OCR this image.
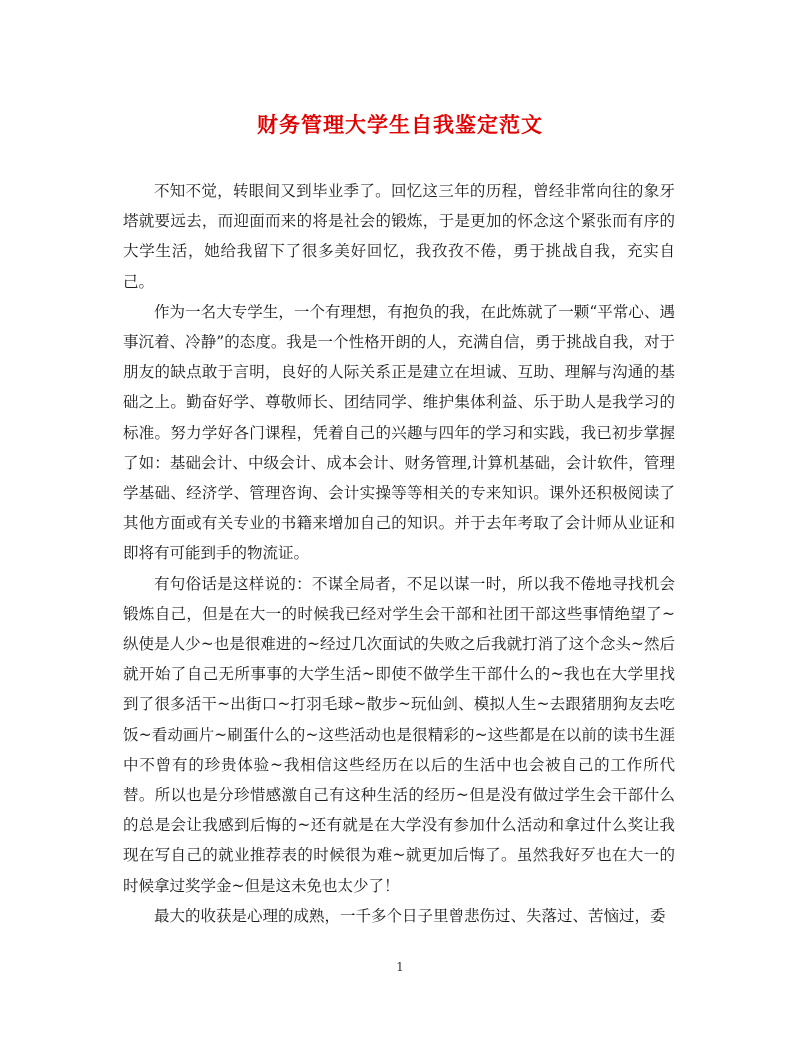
财务管理大学生自我鉴定范文

不知不觉，转眼间又到毕业季了。回忆这三年的历程，曾经非常向往的象牙塔就要远去，而迎面而来的将是社会的锻炼，于是更加的怀念这个紧张而有序的大学生活，她给我留下了很多美好回忆，我孜孜不倦，勇于挑战自我，充实自己。

作为一名大专学生，一个有理想，有抱负的我，在此炼就了一颗“平常心、遇事沉着、冷静”的态度。我是一个性格开朗的人，充满自信，勇于挑战自我，对于朋友的缺点敢于言明，良好的人际关系正是建立在坦诚、互助、理解与沟通的基础之上。勤奋好学、尊敬师长、团结同学、维护集体利益、乐于助人是我学习的标准。努力学好各门课程，凭着自己的兴趣与四年的学习和实践，我已初步掌握了如：基础会计、中级会计、成本会计、财务管理,计算机基础，会计软件，管理学基础、经济学、管理咨询、会计实操等等相关的专来知识。课外还积极阅读了其他方面或有关专业的书籍来增加自己的知识。并于去年考取了会计师从业证和即将有可能到手的物流证。

有句俗话是这样说的：不谋全局者，不足以谋一时，所以我不倦地寻找机会锻炼自己，但是在大一的时候我已经对学生会干部和社团干部这些事情绝望了~纵使是人少~也是很难进的~经过几次面试的失败之后我就打消了这个念头~然后就开始了自己无所事事的大学生活~即使不做学生干部什么的~我也在大学里找到了很多活干~出街口~打羽毛球~散步~玩仙剑、模拟人生~去跟猪朋狗友去吃饭~看动画片~刷蛋什么的~这些活动也是很精彩的~这些都是在以前的读书生涯中不曾有的珍贵体验~我相信这些经历在以后的生活中也会被自己的工作所代替。所以也是分珍惜感激自己有这种生活的经历~但是没有做过学生会干部什么的总是会让我感到后悔的~还有就是在大学没有参加什么活动和拿过什么奖让我现在写自己的就业推荐表的时候很为难~就更加后悔了。虽然我好歹也在大一的时候拿过奖学金~但是这未免也太少了！

最大的收获是心理的成熟，一千多个日子里曾悲伤过、失落过、苦恼过，委

1
